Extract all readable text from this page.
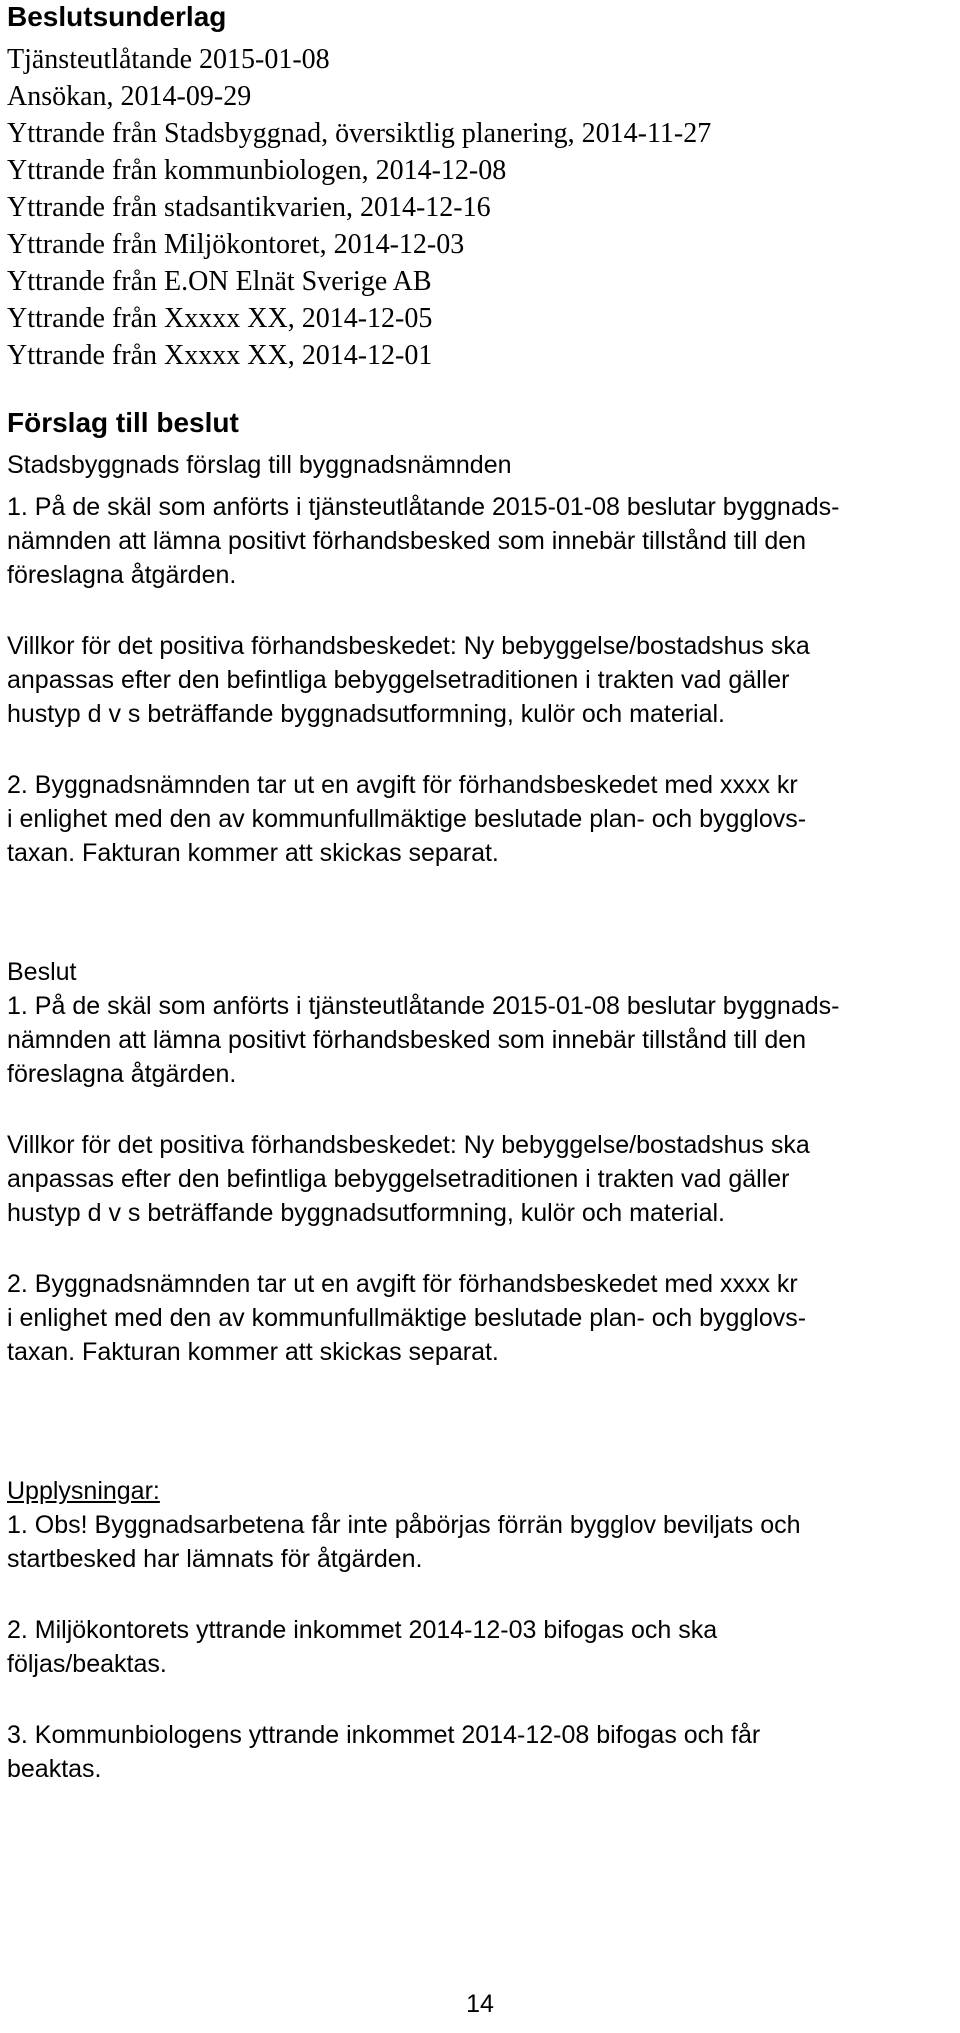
Beslutsunderlag

Tjänsteutlåtande 2015-01-08

Ansökan, 2014-09-29

Yttrande från Stadsbyggnad, översiktlig planering, 2014-11-27

Yttrande från kommunbiologen, 2014-12-08

Yttrande från stadsantikvarien, 2014-12-16

Yttrande från Miljökontoret, 2014-12-03

Yttrande från E.ON Elnät Sverige AB

Yttrande från Xxxxx XX, 2014-12-05

Yttrande från Xxxxx XX, 2014-12-01

Förslag till beslut

Stadsbyggnads förslag till byggnadsnämnden

1. På de skäl som anförts i tjänsteutlåtande 2015-01-08 beslutar byggnads-

nämnden att lämna positivt förhandsbesked som innebär tillstånd till den

föreslagna åtgärden.

Villkor för det positiva förhandsbeskedet: Ny bebyggelse/bostadshus ska

anpassas efter den befintliga bebyggelsetraditionen i trakten vad gäller

hustyp d v s beträffande byggnadsutformning, kulör och material.

2. Byggnadsnämnden tar ut en avgift för förhandsbeskedet med xxxx kr

i enlighet med den av kommunfullmäktige beslutade plan- och bygglovs-

taxan. Fakturan kommer att skickas separat.

Beslut

1. På de skäl som anförts i tjänsteutlåtande 2015-01-08 beslutar byggnads-

nämnden att lämna positivt förhandsbesked som innebär tillstånd till den

föreslagna åtgärden.

Villkor för det positiva förhandsbeskedet: Ny bebyggelse/bostadshus ska

anpassas efter den befintliga bebyggelsetraditionen i trakten vad gäller

hustyp d v s beträffande byggnadsutformning, kulör och material.

2. Byggnadsnämnden tar ut en avgift för förhandsbeskedet med xxxx kr

i enlighet med den av kommunfullmäktige beslutade plan- och bygglovs-

taxan. Fakturan kommer att skickas separat.

Upplysningar:

1. Obs! Byggnadsarbetena får inte påbörjas förrän bygglov beviljats och

startbesked har lämnats för åtgärden.

2. Miljökontorets yttrande inkommet 2014-12-03 bifogas och ska

följas/beaktas.

3. Kommunbiologens yttrande inkommet 2014-12-08 bifogas och får

beaktas.

14
